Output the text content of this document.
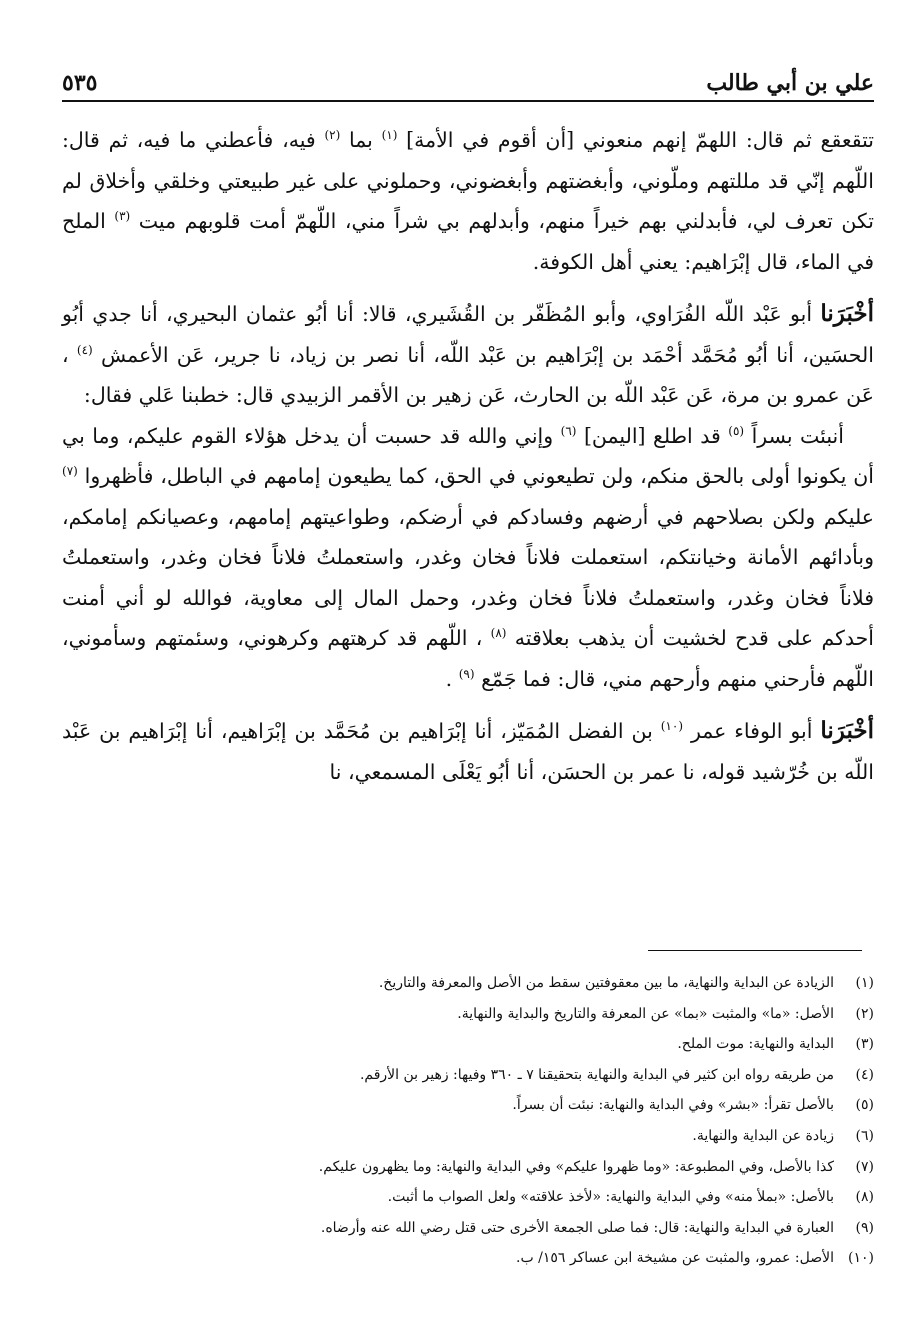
علي بن أبي طالب
٥٣٥

تتقعقع ثم قال: اللهمّ إنهم منعوني [أن أقوم في الأمة] $^{(١)}$ بما $^{(٢)}$ فيه، فأعطني ما فيه، ثم قال: اللّهم إنّي قد مللتهم وملّوني، وأبغضتهم وأبغضوني، وحملوني على غير طبيعتي وخلقي وأخلاق لم تكن تعرف لي، فأبدلني بهم خيراً منهم، وأبدلهم بي شراً مني، اللّهمّ أمت قلوبهم ميت $^{(٣)}$ الملح في الماء، قال إبْرَاهيم: يعني أهل الكوفة.

أخْبَرَنا أبو عَبْد اللّه الفُرَاوي، وأبو المُظَفّر بن القُشَيري، قالا: أنا أبُو عثمان البحيري، أنا جدي أبُو الحسَين، أنا أبُو مُحَمَّد أحْمَد بن إبْرَاهيم بن عَبْد اللّه، أنا نصر بن زياد، نا جرير، عَن الأعمش $^{(٤)}$ ، عَن عمرو بن مرة، عَن عَبْد اللّه بن الحارث، عَن زهير بن الأقمر الزبيدي قال: خطبنا عَلي فقال:

أنبئت بسراً $^{(٥)}$ قد اطلع [اليمن] $^{(٦)}$ وإني والله قد حسبت أن يدخل هؤلاء القوم عليكم، وما بي أن يكونوا أولى بالحق منكم، ولن تطيعوني في الحق، كما يطيعون إمامهم في الباطل، فأظهروا $^{(٧)}$ عليكم ولكن بصلاحهم في أرضهم وفسادكم في أرضكم، وطواعيتهم إمامهم، وعصيانكم إمامكم، وبأدائهم الأمانة وخيانتكم، استعملت فلاناً فخان وغدر، واستعملتُ فلاناً فخان وغدر، واستعملتُ فلاناً فخان وغدر، واستعملتُ فلاناً فخان وغدر، وحمل المال إلى معاوية، فوالله لو أني أمنت أحدكم على قدح لخشيت أن يذهب بعلاقته $^{(٨)}$ ، اللّهم قد كرهتهم وكرهوني، وسئمتهم وسأموني، اللّهم فأرحني منهم وأرحهم مني، قال: فما جَمّع $^{(٩)}$ .

أخْبَرَنا أبو الوفاء عمر $^{(١٠)}$ بن الفضل المُمَيّز، أنا إبْرَاهيم بن مُحَمَّد بن إبْرَاهيم، أنا إبْرَاهيم بن عَبْد اللّه بن خُرّشيد قوله، نا عمر بن الحسَن، أنا أبُو يَعْلَى المسمعي، نا

(١)
الزيادة عن البداية والنهاية، ما بين معقوفتين سقط من الأصل والمعرفة والتاريخ.
(٢)
الأصل: «ما» والمثبت «بما» عن المعرفة والتاريخ والبداية والنهاية.
(٣)
البداية والنهاية: موت الملح.
(٤)
من طريقه رواه ابن كثير في البداية والنهاية بتحقيقنا ٧ ـ ٣٦٠ وفيها: زهير بن الأرقم.
(٥)
بالأصل تقرأ: «بشر» وفي البداية والنهاية: نبئت أن بسراً.
(٦)
زيادة عن البداية والنهاية.
(٧)
كذا بالأصل، وفي المطبوعة: «وما ظهروا عليكم» وفي البداية والنهاية: وما يظهرون عليكم.
(٨)
بالأصل: «بملأ منه» وفي البداية والنهاية: «لأخذ علاقته» ولعل الصواب ما أثبت.
(٩)
العبارة في البداية والنهاية: قال: فما صلى الجمعة الأخرى حتى قتل رضي الله عنه وأرضاه.
(١٠)
الأصل: عمرو، والمثبت عن مشيخة ابن عساكر ١٥٦/ ب.
